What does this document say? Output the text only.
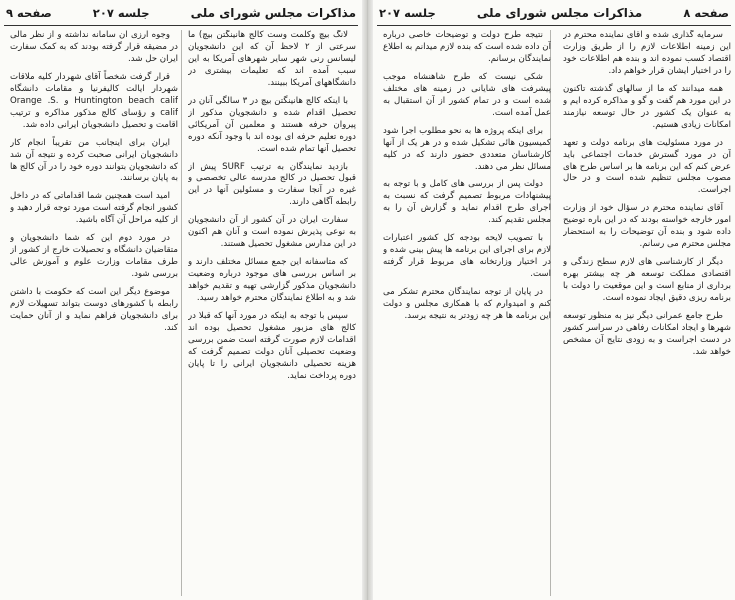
مذاکرات مجلس شورای ملی
جلسه ۲۰۷
صفحه ۹

لانگ بیچ وکلمت وست کالج هانینگتن بیچ) ما سرعتی از ۲ لاحظ آن که این دانشجویان لیسانس رنی شهر سایر شهرهای آمریکا به این سبب آمده اند که تعلیمات بیشتری در دانشگاههای آمریکا ببینند.

با اینکه کالج هانینگتن بیچ در ۳ سالگی آنان در تحصیل اقدام شده و دانشجویان مذکور از پیروان حرفه هستند و معلمین آن آمریکائی دوره تعلیم حرفه ای بوده اند با وجود آنکه دوره تحصیل آنها تمام شده است.

بازدید نمایندگان به ترتیب SURF پیش از قبول تحصیل در کالج مدرسه عالی تخصصی و غیره در آنجا سفارت و مسئولین آنها در این رابطه آگاهی دارند.

سفارت ایران در آن کشور از آن دانشجویان به نوعی پذیرش نموده است و آنان هم اکنون در این مدارس مشغول تحصیل هستند.

که متاسفانه این جمع مسائل مختلف دارند و بر اساس بررسی های موجود درباره وضعیت دانشجویان مذکور گزارشی تهیه و تقدیم خواهد شد و به اطلاع نمایندگان محترم خواهد رسید.

سپس با توجه به اینکه در مورد آنها که قبلا در کالج های مزبور مشغول تحصیل بوده اند اقدامات لازم صورت گرفته است ضمن بررسی وضعیت تحصیلی آنان دولت تصمیم گرفت که هزینه تحصیلی دانشجویان ایرانی را تا پایان دوره پرداخت نماید.

وجوه ارزی آن سامانه نداشته و از نظر مالی در مضیقه قرار گرفته بودند که به کمک سفارت ایران حل شد.

قرار گرفت شخصاً آقای شهردار کلیه ملاقات شهردار ایالت کالیفرنیا و مقامات دانشگاه Huntington beach calif و Orange .S. calif و رؤسای کالج مذکور مذاکره و ترتیب اقامت و تحصیل دانشجویان ایرانی داده شد.

ایران برای اینجانب من تقریباً انجام کار دانشجویان ایرانی صحبت کرده و نتیجه آن شد که دانشجویان بتوانند دوره خود را در آن کالج ها به پایان برسانند.

امید است همچنین شما اقداماتی که در داخل کشور انجام گرفته است مورد توجه قرار دهید و از کلیه مراحل آن آگاه باشید.

در مورد دوم این که شما دانشجویان و متقاضیان دانشگاه و تحصیلات خارج از کشور از طرف مقامات وزارت علوم و آموزش عالی بررسی شود.

موضوع دیگر این است که حکومت با داشتن رابطه با کشورهای دوست بتواند تسهیلات لازم برای دانشجویان فراهم نماید و از آنان حمایت کند.

صفحه ۸
مذاکرات مجلس شورای ملی
جلسه ۲۰۷

سرمایه گذاری شده و آقای نماینده محترم در این زمینه اطلاعات لازم را از طریق وزارت اقتصاد کسب نموده اند و بنده هم اطلاعات خود را در اختیار ایشان قرار خواهم داد.

همه میدانند که ما از سالهای گذشته تاکنون در این مورد هم گفت و گو و مذاکره کرده ایم و به عنوان یک کشور در حال توسعه نیازمند امکانات زیادی هستیم.

در مورد مسئولیت های برنامه دولت و تعهد آن در مورد گسترش خدمات اجتماعی باید عرض کنم که این برنامه ها بر اساس طرح های مصوب مجلس تنظیم شده است و در حال اجراست.

آقای نماینده محترم در سؤال خود از وزارت امور خارجه خواسته بودند که در این باره توضیح داده شود و بنده آن توضیحات را به استحضار مجلس محترم می رسانم.

دیگر از کارشناسی های لازم سطح زندگی و اقتصادی مملکت توسعه هر چه بیشتر بهره برداری از منابع است و این موقعیت را دولت با برنامه ریزی دقیق ایجاد نموده است.

طرح جامع عمرانی دیگر نیز به منظور توسعه شهرها و ایجاد امکانات رفاهی در سراسر کشور در دست اجراست و به زودی نتایج آن مشخص خواهد شد.

نتیجه طرح دولت و توضیحات خاصی درباره آن داده شده است که بنده لازم میدانم به اطلاع نمایندگان برسانم.

شکی نیست که طرح شاهنشاه موجب پیشرفت های شایانی در زمینه های مختلف شده است و در تمام کشور از آن استقبال به عمل آمده است.

برای اینکه پروژه ها به نحو مطلوب اجرا شود کمیسیون هائی تشکیل شده و در هر یک از آنها کارشناسان متعددی حضور دارند که در کلیه مسائل نظر می دهند.

دولت پس از بررسی های کامل و با توجه به پیشنهادات مربوط تصمیم گرفت که نسبت به اجرای طرح اقدام نماید و گزارش آن را به مجلس تقدیم کند.

با تصویب لایحه بودجه کل کشور اعتبارات لازم برای اجرای این برنامه ها پیش بینی شده و در اختیار وزارتخانه های مربوط قرار گرفته است.

در پایان از توجه نمایندگان محترم تشکر می کنم و امیدوارم که با همکاری مجلس و دولت این برنامه ها هر چه زودتر به نتیجه برسد.
